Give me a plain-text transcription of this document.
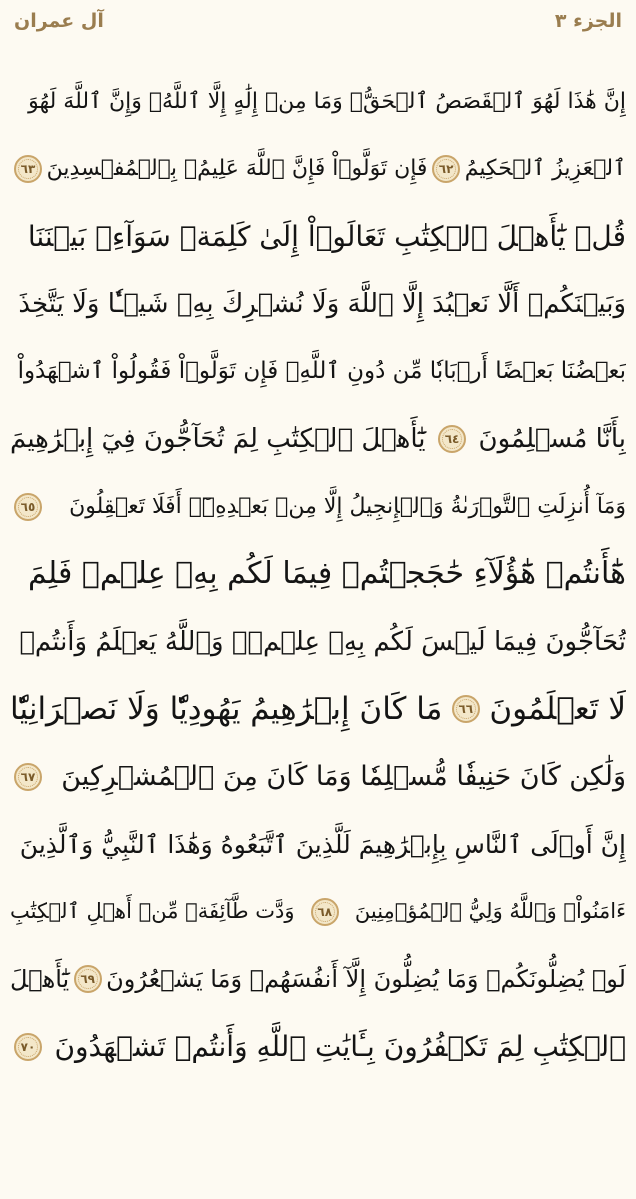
آل عمران	الجزء ٣
إِنَّ هَٰذَا لَهُوَ ٱلۡقَصَصُ ٱلۡحَقُّۚ وَمَا مِنۡ إِلَٰهٍ إِلَّا ٱللَّهُۚ وَإِنَّ ٱللَّهَ لَهُوَ
ٱلۡعَزِيزُ ٱلۡحَكِيمُ
٦٢
فَإِن تَوَلَّوۡاْ فَإِنَّ ٱللَّهَ عَلِيمُۢ بِٱلۡمُفۡسِدِينَ
٦٣
قُلۡ يَٰٓأَهۡلَ ٱلۡكِتَٰبِ تَعَالَوۡاْ إِلَىٰ كَلِمَةٖ سَوَآءِۭ بَيۡنَنَا
وَبَيۡنَكُمۡ أَلَّا نَعۡبُدَ إِلَّا ٱللَّهَ وَلَا نُشۡرِكَ بِهِۦ شَيۡـٔٗا وَلَا يَتَّخِذَ
بَعۡضُنَا بَعۡضًا أَرۡبَابٗا مِّن دُونِ ٱللَّهِۚ فَإِن تَوَلَّوۡاْ فَقُولُواْ ٱشۡهَدُواْ
بِأَنَّا مُسۡلِمُونَ
٦٤
يَٰٓأَهۡلَ ٱلۡكِتَٰبِ لِمَ تُحَآجُّونَ فِيٓ إِبۡرَٰهِيمَ
وَمَآ أُنزِلَتِ ٱلتَّوۡرَىٰةُ وَٱلۡإِنجِيلُ إِلَّا مِنۢ بَعۡدِهِۦٓۚ أَفَلَا تَعۡقِلُونَ
٦٥
هَٰٓأَنتُمۡ هَٰٓؤُلَآءِ حَٰجَجۡتُمۡ فِيمَا لَكُم بِهِۦ عِلۡمٞ فَلِمَ
تُحَآجُّونَ فِيمَا لَيۡسَ لَكُم بِهِۦ عِلۡمٞۚ وَٱللَّهُ يَعۡلَمُ وَأَنتُمۡ
لَا تَعۡلَمُونَ
٦٦
مَا كَانَ إِبۡرَٰهِيمُ يَهُودِيّٗا وَلَا نَصۡرَانِيّٗا
وَلَٰكِن كَانَ حَنِيفٗا مُّسۡلِمٗا وَمَا كَانَ مِنَ ٱلۡمُشۡرِكِينَ
٦٧
إِنَّ أَوۡلَى ٱلنَّاسِ بِإِبۡرَٰهِيمَ لَلَّذِينَ ٱتَّبَعُوهُ وَهَٰذَا ٱلنَّبِيُّ وَٱلَّذِينَ
ءَامَنُواْۗ وَٱللَّهُ وَلِيُّ ٱلۡمُؤۡمِنِينَ
٦٨
وَدَّت طَّآئِفَةٞ مِّنۡ أَهۡلِ ٱلۡكِتَٰبِ
لَوۡ يُضِلُّونَكُمۡ وَمَا يُضِلُّونَ إِلَّآ أَنفُسَهُمۡ وَمَا يَشۡعُرُونَ
٦٩
يَٰٓأَهۡلَ
ٱلۡكِتَٰبِ لِمَ تَكۡفُرُونَ بِـَٔايَٰتِ ٱللَّهِ وَأَنتُمۡ تَشۡهَدُونَ
٧٠
